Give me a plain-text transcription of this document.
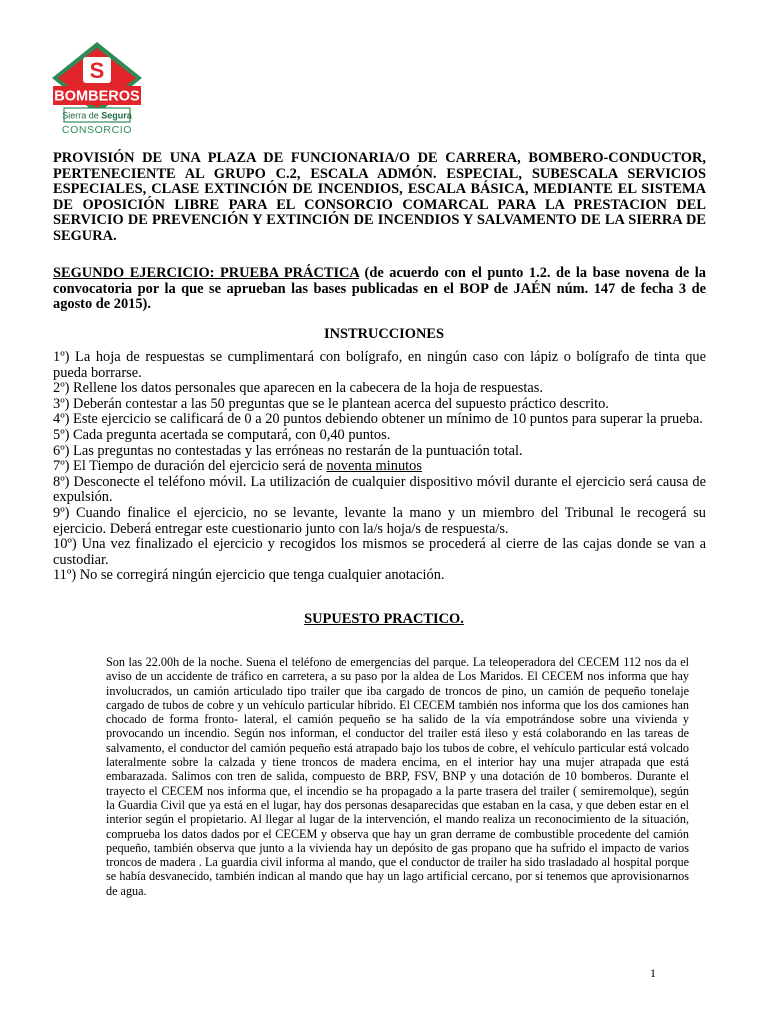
S
BOMBEROS
Sierra de Segura
CONSORCIO

PROVISIÓN DE UNA PLAZA DE FUNCIONARIA/O DE CARRERA, BOMBERO-CONDUCTOR, PERTENECIENTE AL GRUPO C.2, ESCALA ADMÓN. ESPECIAL, SUBESCALA SERVICIOS ESPECIALES, CLASE EXTINCIÓN DE INCENDIOS, ESCALA BÁSICA, MEDIANTE EL SISTEMA DE OPOSICIÓN LIBRE PARA EL CONSORCIO COMARCAL PARA LA PRESTACION DEL SERVICIO DE PREVENCIÓN Y EXTINCIÓN DE INCENDIOS Y SALVAMENTO DE LA SIERRA DE SEGURA.

SEGUNDO EJERCICIO: PRUEBA PRÁCTICA (de acuerdo con el punto 1.2. de la base novena de la convocatoria por la que se aprueban las bases publicadas en el BOP de JAÉN núm. 147 de fecha 3 de agosto de 2015).

INSTRUCCIONES
1º) La hoja de respuestas se cumplimentará con bolígrafo, en ningún caso con lápiz o bolígrafo de tinta que pueda borrarse.
2º) Rellene los datos personales que aparecen en la cabecera de la hoja de respuestas.
3º) Deberán contestar a las 50 preguntas que se le plantean acerca del supuesto práctico descrito.
4º) Este ejercicio se calificará de 0 a 20 puntos debiendo obtener un mínimo de 10 puntos para superar la prueba.
5º) Cada pregunta acertada se computará, con 0,40 puntos.
6º) Las preguntas no contestadas y las erróneas no restarán de la puntuación total.
7º) El Tiempo de duración del ejercicio será de noventa minutos
8º) Desconecte el teléfono móvil. La utilización de cualquier dispositivo móvil durante el ejercicio será causa de expulsión.
9º) Cuando finalice el ejercicio, no se levante, levante la mano y un miembro del Tribunal le recogerá su ejercicio. Deberá entregar este cuestionario junto con la/s hoja/s de respuesta/s.
10º) Una vez finalizado el ejercicio y recogidos los mismos se procederá al cierre de las cajas donde se van a custodiar.
11º) No se corregirá ningún ejercicio que tenga cualquier anotación.
SUPUESTO PRACTICO.

Son las 22.00h de la noche. Suena el teléfono de emergencias del parque. La teleoperadora del CECEM 112 nos da el aviso de un accidente de tráfico en carretera, a su paso por la aldea de Los Maridos. El CECEM nos informa que hay involucrados, un camión articulado tipo trailer que iba cargado de troncos de pino, un camión de pequeño tonelaje cargado de tubos de cobre y un vehículo particular híbrido. El CECEM también nos informa que los dos camiones han chocado de forma fronto- lateral, el camión pequeño se ha salido de la vía empotrándose sobre una vivienda y provocando un incendio. Según nos informan, el conductor del trailer está ileso y está colaborando en las tareas de salvamento, el conductor del camión pequeño está atrapado bajo los tubos de cobre, el vehículo particular está volcado lateralmente sobre la calzada y tiene troncos de madera encima, en el interior hay una mujer atrapada que está embarazada. Salimos con tren de salida, compuesto de BRP, FSV, BNP y una dotación de 10 bomberos. Durante el trayecto el CECEM nos informa que, el incendio se ha propagado a la parte trasera del trailer ( semiremolque), según la Guardia Civil que ya está en el lugar, hay dos personas desaparecidas que estaban en la casa, y que deben estar en el interior según el propietario. Al llegar al lugar de la intervención, el mando realiza un reconocimiento de la situación, comprueba los datos dados por el CECEM y observa que hay un gran derrame de combustible procedente del camión pequeño, también observa que junto a la vivienda hay un depósito de gas propano que ha sufrido el impacto de varios troncos de madera . La guardia civil informa al mando, que el conductor de trailer ha sido trasladado al hospital porque se había desvanecido, también indican al mando que hay un lago artificial cercano, por si tenemos que aprovisionarnos de agua.

1
